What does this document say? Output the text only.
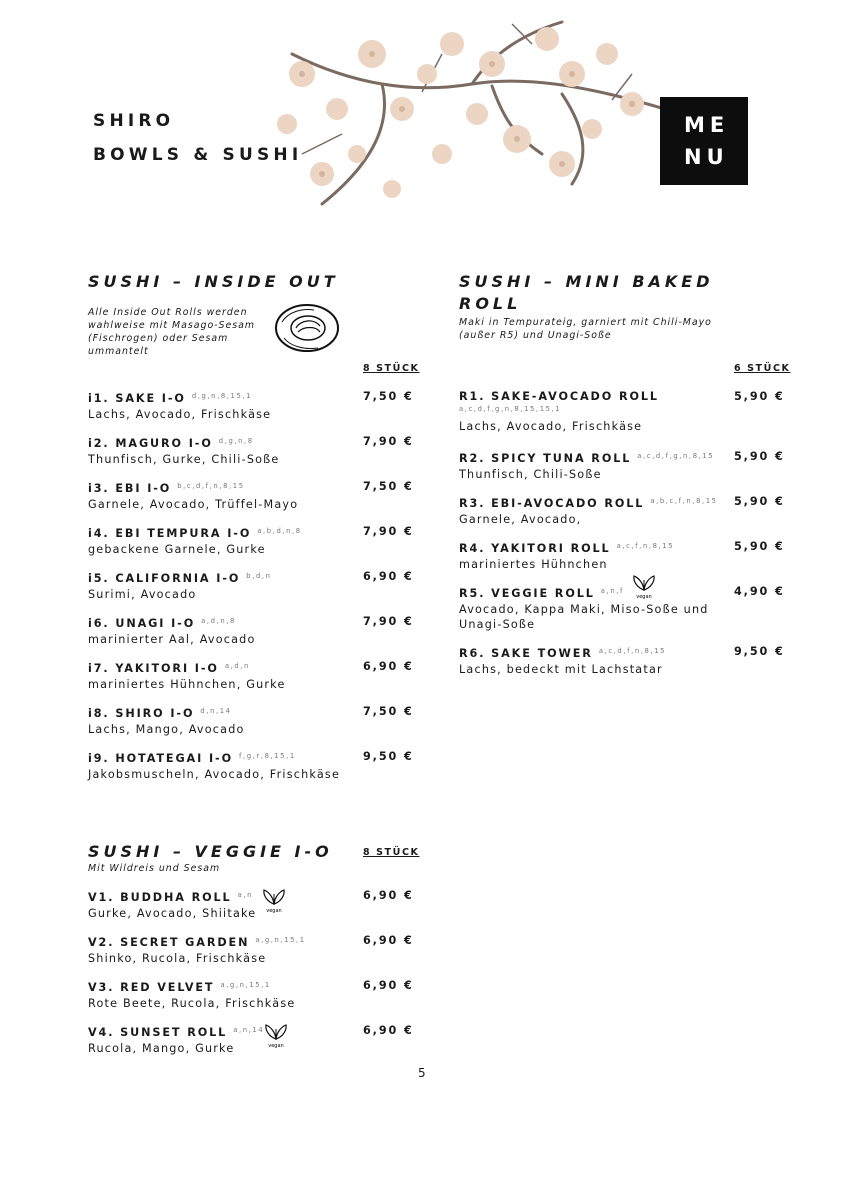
SHIRO
BOWLS & SUSHI
ME
NU
SUSHI – INSIDE OUT
Alle Inside Out Rolls werden
wahlweise mit Masago-Sesam
(Fischrogen) oder Sesam
ummantelt
8 STÜCK
i1. SAKE I-O $^{d,g,n,8,15,1}$
Lachs, Avocado, Frischkäse
7,50 €
i2. MAGURO I-O $^{d,g,n,8}$
Thunfisch, Gurke, Chili-Soße
7,90 €
i3. EBI I-O $^{b,c,d,f,n,8,15}$
Garnele, Avocado, Trüffel-Mayo
7,50 €
i4. EBI TEMPURA I-O $^{a,b,d,n,8}$
gebackene Garnele, Gurke
7,90 €
i5. CALIFORNIA I-O $^{b,d,n}$
Surimi, Avocado
6,90 €
i6. UNAGI I-O $^{a,d,n,8}$
marinierter Aal, Avocado
7,90 €
i7. YAKITORI I-O $^{a,d,n}$
mariniertes Hühnchen, Gurke
6,90 €
i8. SHIRO I-O $^{d,n,14}$
Lachs, Mango, Avocado
7,50 €
i9. HOTATEGAI I-O $^{f,g,r,8,15,1}$
Jakobsmuscheln, Avocado, Frischkäse
9,50 €
SUSHI – MINI BAKED
ROLL
Maki in Tempurateig, garniert mit Chili-Mayo
(außer R5) und Unagi-Soße
6 STÜCK
R1. SAKE-AVOCADO ROLL
a,c,d,f,g,n,8,15,15,1
Lachs, Avocado, Frischkäse
5,90 €
R2. SPICY TUNA ROLL $^{a,c,d,f,g,n,8,15}$
Thunfisch, Chili-Soße
5,90 €
R3. EBI-AVOCADO ROLL $^{a,b,c,f,n,8,15}$
Garnele, Avocado,
5,90 €
R4. YAKITORI ROLL $^{a,c,f,n,8,15}$
mariniertes Hühnchen
5,90 €
R5. VEGGIE ROLL $^{a,n,f}$
Avocado, Kappa Maki, Miso-Soße und
Unagi-Soße
4,90 €
R6. SAKE TOWER $^{a,c,d,f,n,8,15}$
Lachs, bedeckt mit Lachstatar
9,50 €
SUSHI – VEGGIE I-O
Mit Wildreis und Sesam
8 STÜCK
V1. BUDDHA ROLL $^{a,n}$
Gurke, Avocado, Shiitake
6,90 €
V2. SECRET GARDEN $^{a,g,n,15,1}$
Shinko, Rucola, Frischkäse
6,90 €
V3. RED VELVET $^{a,g,n,15,1}$
Rote Beete, Rucola, Frischkäse
6,90 €
V4. SUNSET ROLL $^{a,n,14}$
Rucola, Mango, Gurke
6,90 €
vegan
vegan
vegan
5
